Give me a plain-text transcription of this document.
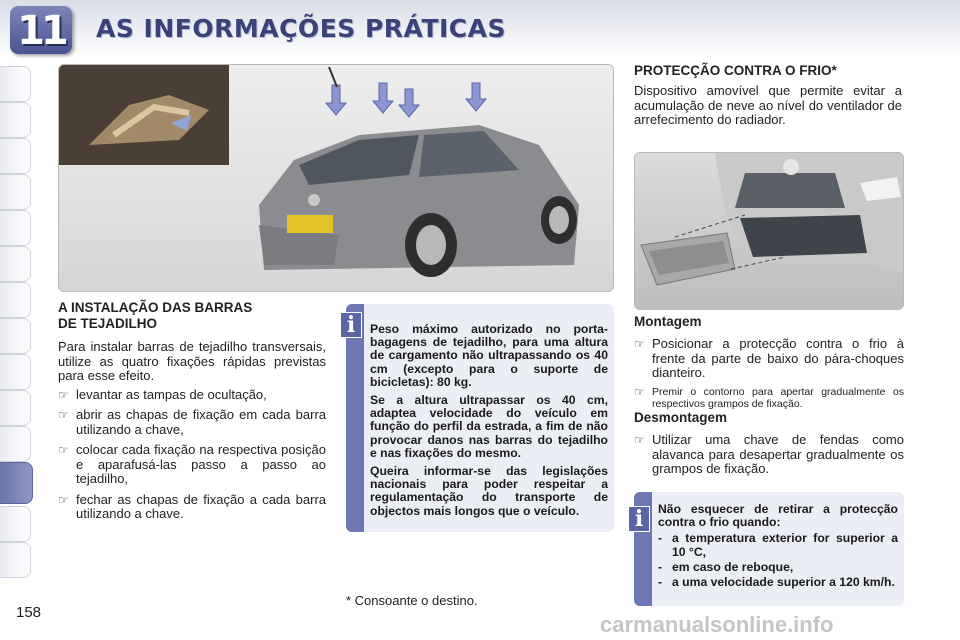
11 AS INFORMAÇÕES PRÁTICAS
A INSTALAÇÃO DAS BARRAS
DE TEJADILHO
Para instalar barras de tejadilho transversais, utilize as quatro fixações rápidas previstas para esse efeito.
☞ levantar as tampas de ocultação,
☞ abrir as chapas de fixação em cada barra utilizando a chave,
☞ colocar cada fixação na respectiva posição e aparafusá-las passo a passo ao tejadilho,
☞ fechar as chapas de fixação a cada barra utilizando a chave.
i	Peso máximo autorizado no porta-bagagens de tejadilho, para uma altura de cargamento não ultrapassando os 40 cm (excepto para o suporte de bicicletas): 80 kg.

Se a altura ultrapassar os 40 cm, adaptea velocidade do veículo em função do perfil da estrada, a fim de não provocar danos nas barras do tejadilho e nas fixações do mesmo.

Queira informar-se das legislações nacionais para poder respeitar a regulamentação do transporte de objectos mais longos que o veículo.

PROTECÇÃO CONTRA O FRIO*
Dispositivo amovível que permite evitar a acumulação de neve ao nível do ventilador de arrefecimento do radiador.
Montagem
☞ Posicionar a protecção contra o frio à frente da parte de baixo do pára-choques dianteiro.
☞ Premir o contorno para apertar gradualmente os respectivos grampos de fixação.
Desmontagem
☞ Utilizar uma chave de fendas como alavanca para desapertar gradualmente os grampos de fixação.
i	Não esquecer de retirar a protecção contra o frio quando:

- a temperatura exterior for superior a 10 °C,
- em caso de reboque,
- a uma velocidade superior a 120 km/h.
158
* Consoante o destino.
carmanualsonline.info
